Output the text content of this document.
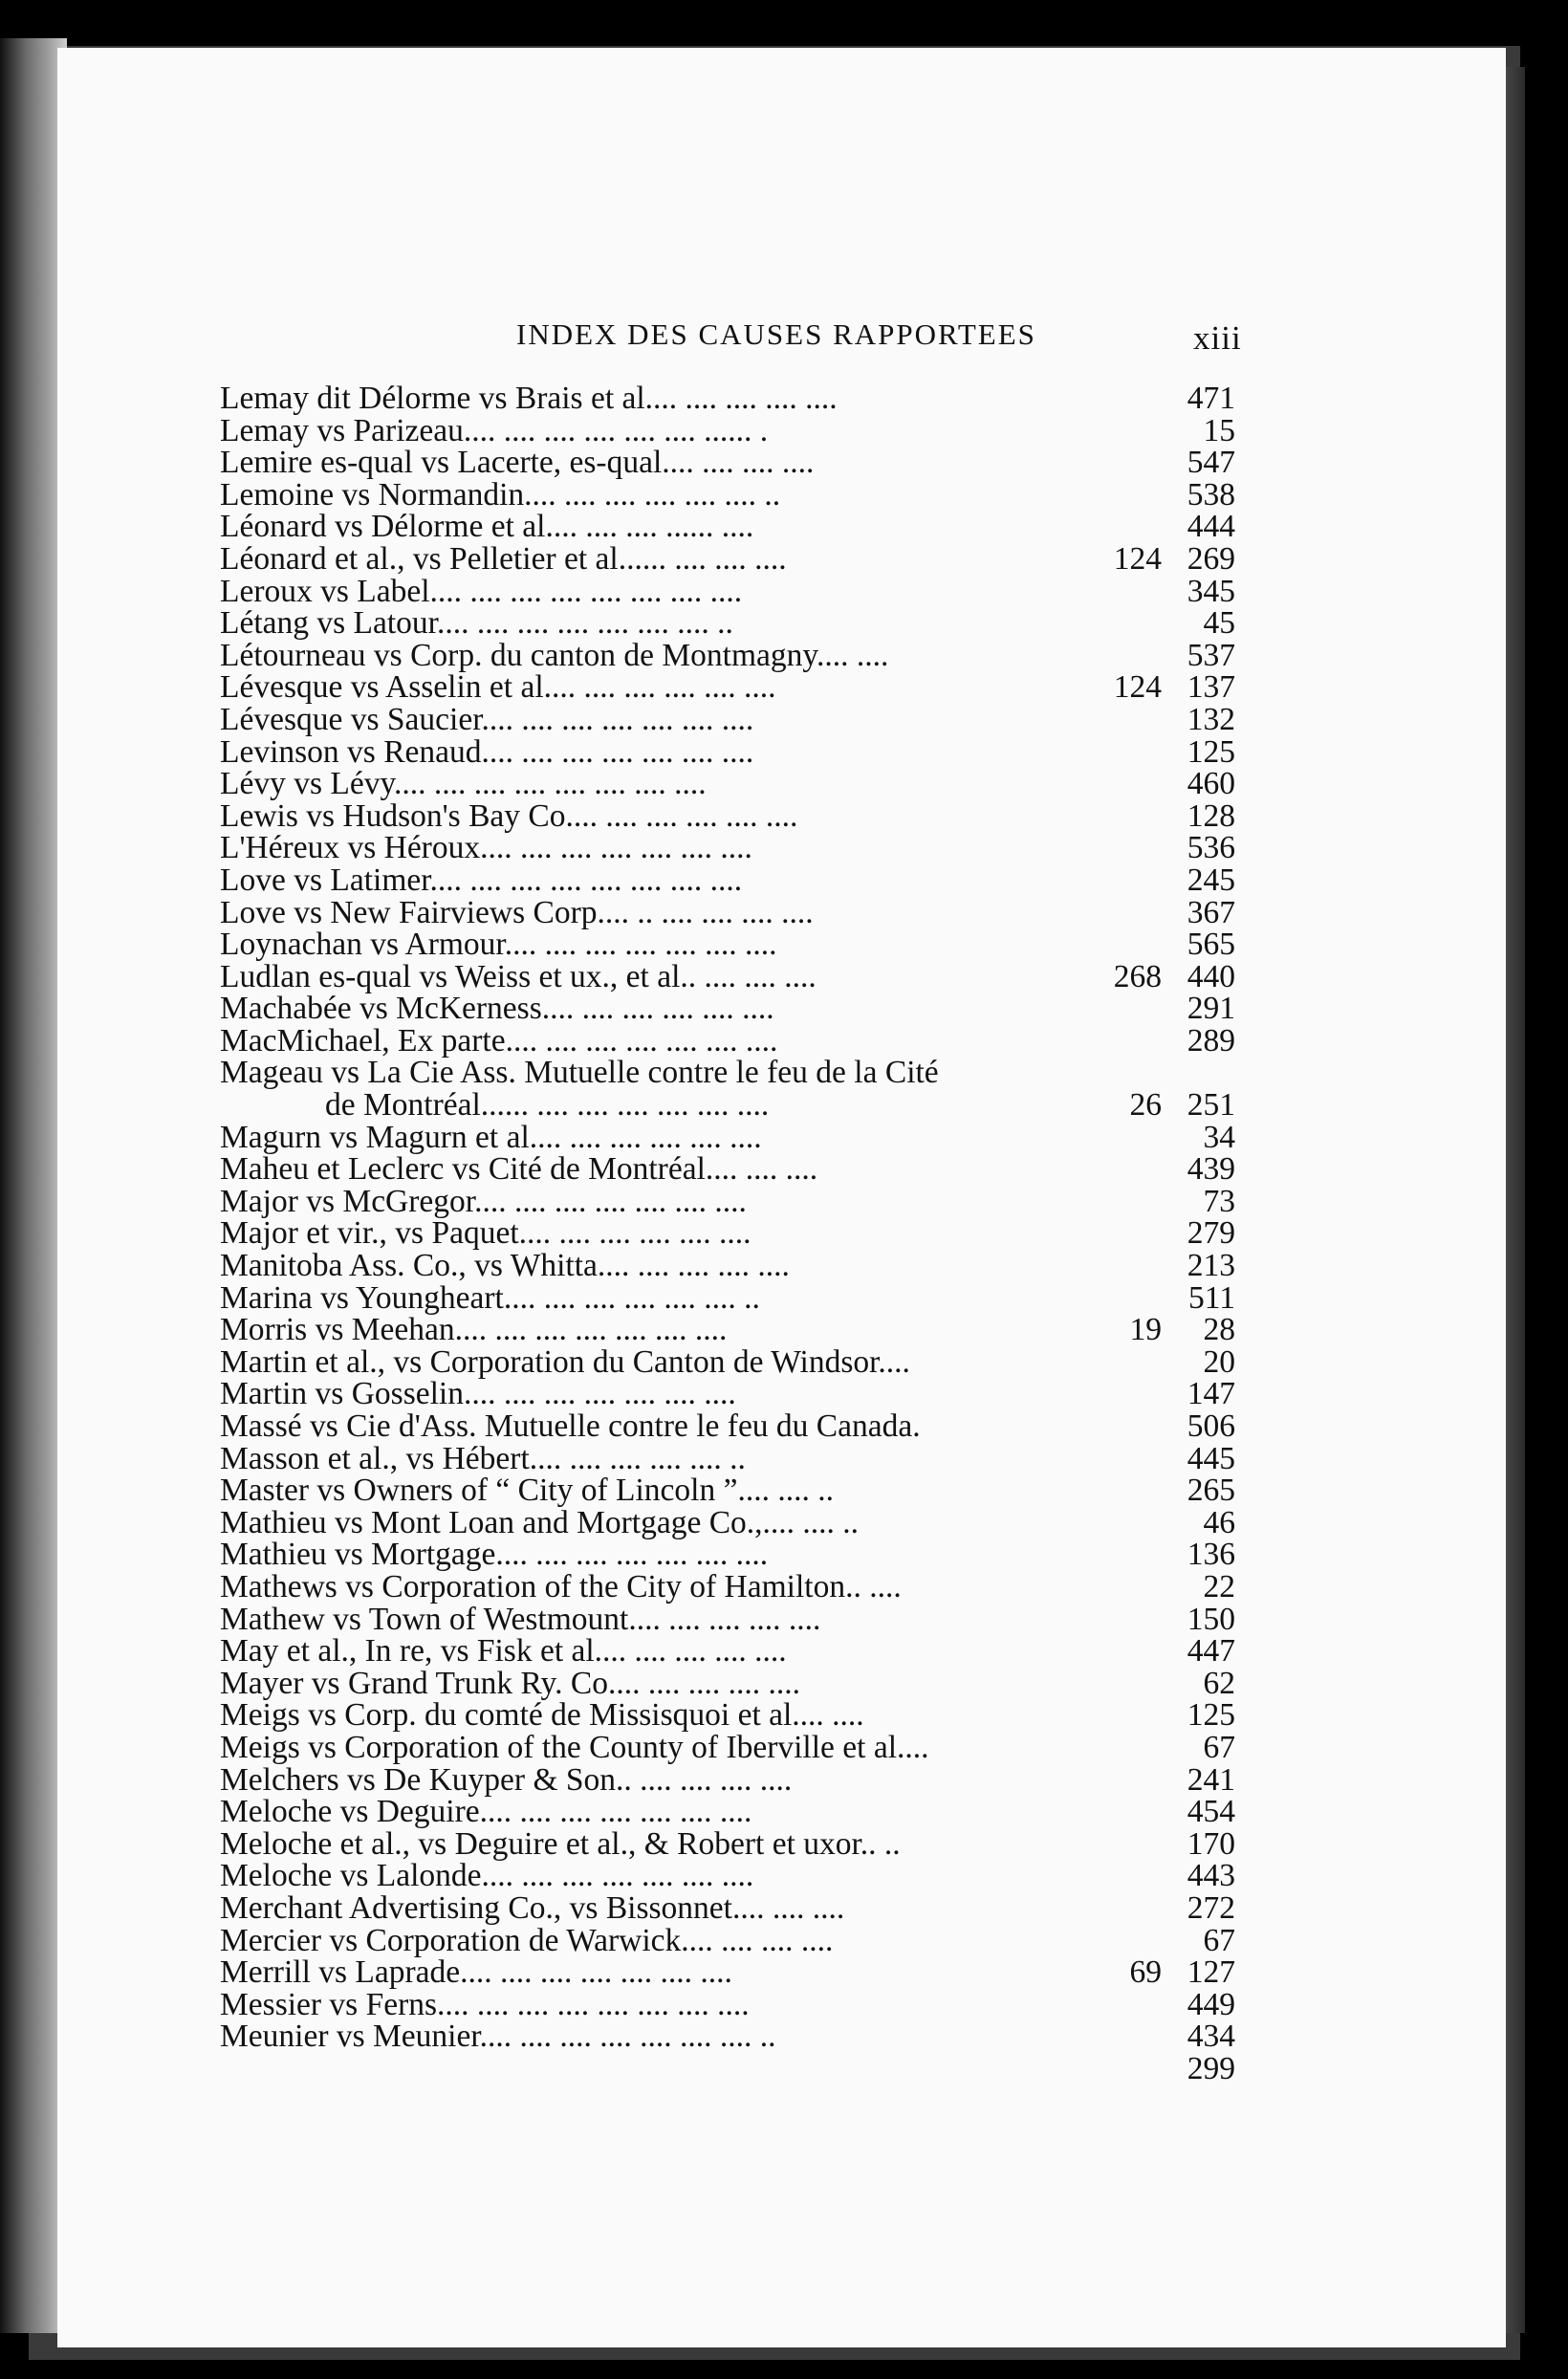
INDEX DES CAUSES RAPPORTEES	xiii
Lemay dit Délorme vs Brais et al.... .... .... .... ....	471
Lemay vs Parizeau.... .... .... .... .... .... ...... .	15
Lemire es-qual vs Lacerte, es-qual.... .... .... ....	547
Lemoine vs Normandin.... .... .... .... .... .... ..	538
Léonard vs Délorme et al.... .... .... ...... ....	444
Léonard et al., vs Pelletier et al...... .... .... ....	124 269
Leroux vs Label.... .... .... .... .... .... .... ....	345
Létang vs Latour.... .... .... .... .... .... .... ..	45
Létourneau vs Corp. du canton de Montmagny.... ....	537
Lévesque vs Asselin et al.... .... .... .... .... ....	124 137
Lévesque vs Saucier.... .... .... .... .... .... ....	132
Levinson vs Renaud.... .... .... .... .... .... ....	125
Lévy vs Lévy.... .... .... .... .... .... .... ....	460
Lewis vs Hudson's Bay Co.... .... .... .... .... ....	128
L'Héreux vs Héroux.... .... .... .... .... .... ....	536
Love vs Latimer.... .... .... .... .... .... .... ....	245
Love vs New Fairviews Corp.... .. .... .... .... ....	367
Loynachan vs Armour.... .... .... .... .... .... ....	565
Ludlan es-qual vs Weiss et ux., et al.. .... .... ....	268 440
Machabée vs McKerness.... .... .... .... .... ....	291
MacMichael, Ex parte.... .... .... .... .... .... ....	289
Mageau vs La Cie Ass. Mutuelle contre le feu de la Cité
de Montréal...... .... .... .... .... .... ....	26 251
Magurn vs Magurn et al.... .... .... .... .... ....	34
Maheu et Leclerc vs Cité de Montréal.... .... ....	439
Major vs McGregor.... .... .... .... .... .... ....	73
Major et vir., vs Paquet.... .... .... .... .... ....	279
Manitoba Ass. Co., vs Whitta.... .... .... .... ....	213
Marina vs Youngheart.... .... .... .... .... .... ..	511
Morris vs Meehan.... .... .... .... .... .... ....	19 28
Martin et al., vs Corporation du Canton de Windsor....	20
Martin vs Gosselin.... .... .... .... .... .... ....	147
Massé vs Cie d'Ass. Mutuelle contre le feu du Canada.	506
Masson et al., vs Hébert.... .... .... .... .... ..	445
Master vs Owners of “ City of Lincoln ”.... .... ..	265
Mathieu vs Mont Loan and Mortgage Co.,.... .... ..	46
Mathieu vs Mortgage.... .... .... .... .... .... ....	136
Mathews vs Corporation of the City of Hamilton.. ....	22
Mathew vs Town of Westmount.... .... .... .... ....	150
May et al., In re, vs Fisk et al.... .... .... .... ....	447
Mayer vs Grand Trunk Ry. Co.... .... .... .... ....	62
Meigs vs Corp. du comté de Missisquoi et al.... ....	125
Meigs vs Corporation of the County of Iberville et al....	67
Melchers vs De Kuyper & Son.. .... .... .... ....	241
Meloche vs Deguire.... .... .... .... .... .... ....	454
Meloche et al., vs Deguire et al., & Robert et uxor.. ..	170
Meloche vs Lalonde.... .... .... .... .... .... ....	443
Merchant Advertising Co., vs Bissonnet.... .... ....	272
Mercier vs Corporation de Warwick.... .... .... ....	67
Merrill vs Laprade.... .... .... .... .... .... ....	69 127
Messier vs Ferns.... .... .... .... .... .... .... ....	449
Meunier vs Meunier.... .... .... .... .... .... .... ..	434
299
